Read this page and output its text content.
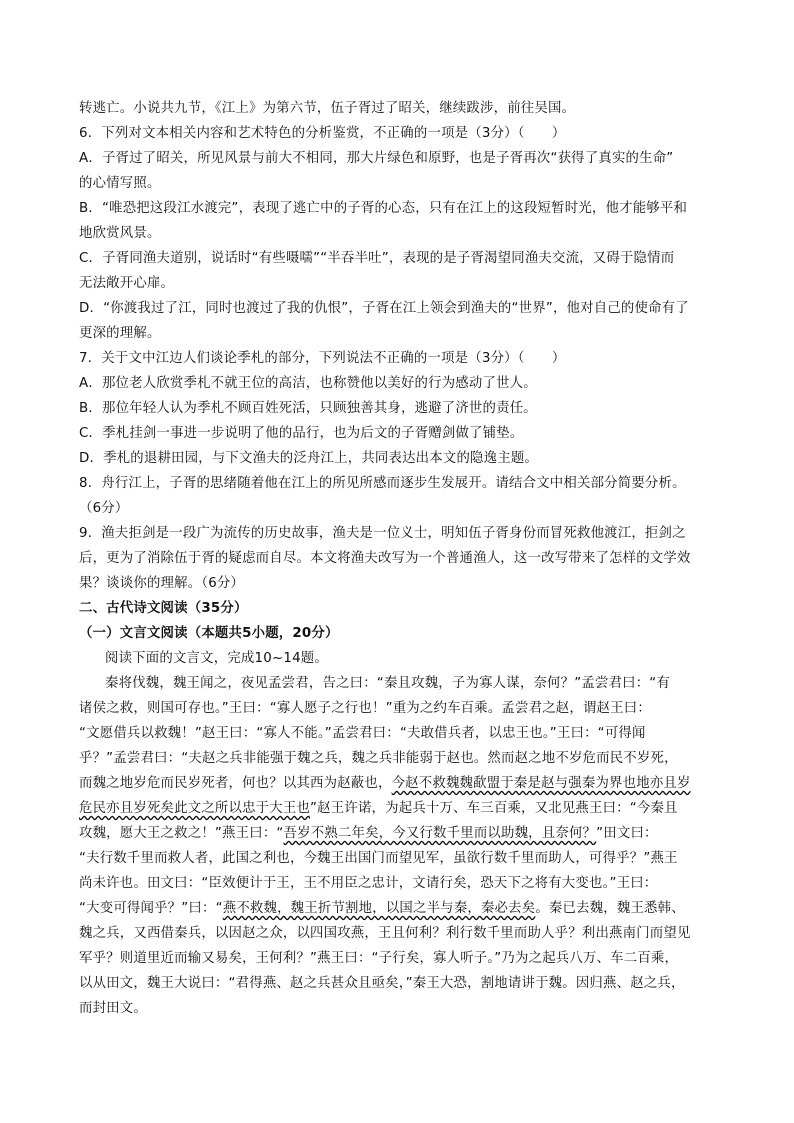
转逃亡。小说共九节，《江上》为第六节，伍子胥过了昭关，继续跋涉，前往吴国。
6．下列对文本相关内容和艺术特色的分析鉴赏，不正确的一项是（3分）（　　）
A．子胥过了昭关，所见风景与前大不相同，那大片绿色和原野，也是子胥再次“获得了真实的生命”
的心情写照。
B．“唯恐把这段江水渡完”，表现了逃亡中的子胥的心态，只有在江上的这段短暂时光，他才能够平和
地欣赏风景。
C．子胥同渔夫道别，说话时“有些嗫嚅”“半吞半吐”，表现的是子胥渴望同渔夫交流，又碍于隐情而
无法敞开心扉。
D．“你渡我过了江，同时也渡过了我的仇恨”，子胥在江上领会到渔夫的“世界”，他对自己的使命有了
更深的理解。
7．关于文中江边人们谈论季札的部分，下列说法不正确的一项是（3分）（　　）
A．那位老人欣赏季札不就王位的高洁，也称赞他以美好的行为感动了世人。
B．那位年轻人认为季札不顾百姓死活，只顾独善其身，逃避了济世的责任。
C．季札挂剑一事进一步说明了他的品行，也为后文的子胥赠剑做了铺垫。
D．季札的退耕田园，与下文渔夫的泛舟江上，共同表达出本文的隐逸主题。
8．舟行江上，子胥的思绪随着他在江上的所见所感而逐步生发展开。请结合文中相关部分简要分析。
（6分）
9．渔夫拒剑是一段广为流传的历史故事，渔夫是一位义士，明知伍子胥身份而冒死救他渡江，拒剑之
后，更为了消除伍于胥的疑虑而自尽。本文将渔夫改写为一个普通渔人，这一改写带来了怎样的文学效
果？谈谈你的理解。（6分）
二、古代诗文阅读（35分）
（一）文言文阅读（本题共5小题，20分）
阅读下面的文言文，完成10~14题。
秦将伐魏，魏王闻之，夜见孟尝君，告之曰：“秦且攻魏，子为寡人谋，奈何？”孟尝君曰：“有
诸侯之救，则国可存也。”王曰：“寡人愿子之行也！”重为之约车百乘。孟尝君之赵，谓赵王曰：
“文愿借兵以救魏！”赵王曰：“寡人不能。”孟尝君曰：“夫敢借兵者，以忠王也。”王曰：“可得闻
乎？”孟尝君曰：“夫赵之兵非能强于魏之兵，魏之兵非能弱于赵也。然而赵之地不岁危而民不岁死，
而魏之地岁危而民岁死者，何也？以其西为赵蔽也，今赵不救魏魏歃盟于秦是赵与强秦为界也地亦且岁
危民亦且岁死矣此文之所以忠于大王也”赵王许诺，为起兵十万、车三百乘，又北见燕王曰：“今秦且
攻魏，愿大王之救之！”燕王曰：“吾岁不熟二年矣，今又行数千里而以助魏，且奈何？”田文曰：
“夫行数千里而救人者，此国之利也，今魏王出国门而望见军，虽欲行数千里而助人，可得乎？”燕王
尚未许也。田文曰：“臣效便计于王，王不用臣之忠计，文请行矣，恐天下之将有大变也。”王曰：
“大变可得闻乎？”曰：“燕不救魏，魏王折节割地，以国之半与秦，秦必去矣。秦已去魏，魏王悉韩、
魏之兵，又西借秦兵，以因赵之众，以四国攻燕，王且何利？利行数千里而助人乎？利出燕南门而望见
军乎？则道里近而输又易矣，王何利？”燕王曰：“子行矣，寡人听子。”乃为之起兵八万、车二百乘，
以从田文，魏王大说曰：“君得燕、赵之兵甚众且亟矣，”秦王大恐，割地请讲于魏。因归燕、赵之兵，
而封田文。
